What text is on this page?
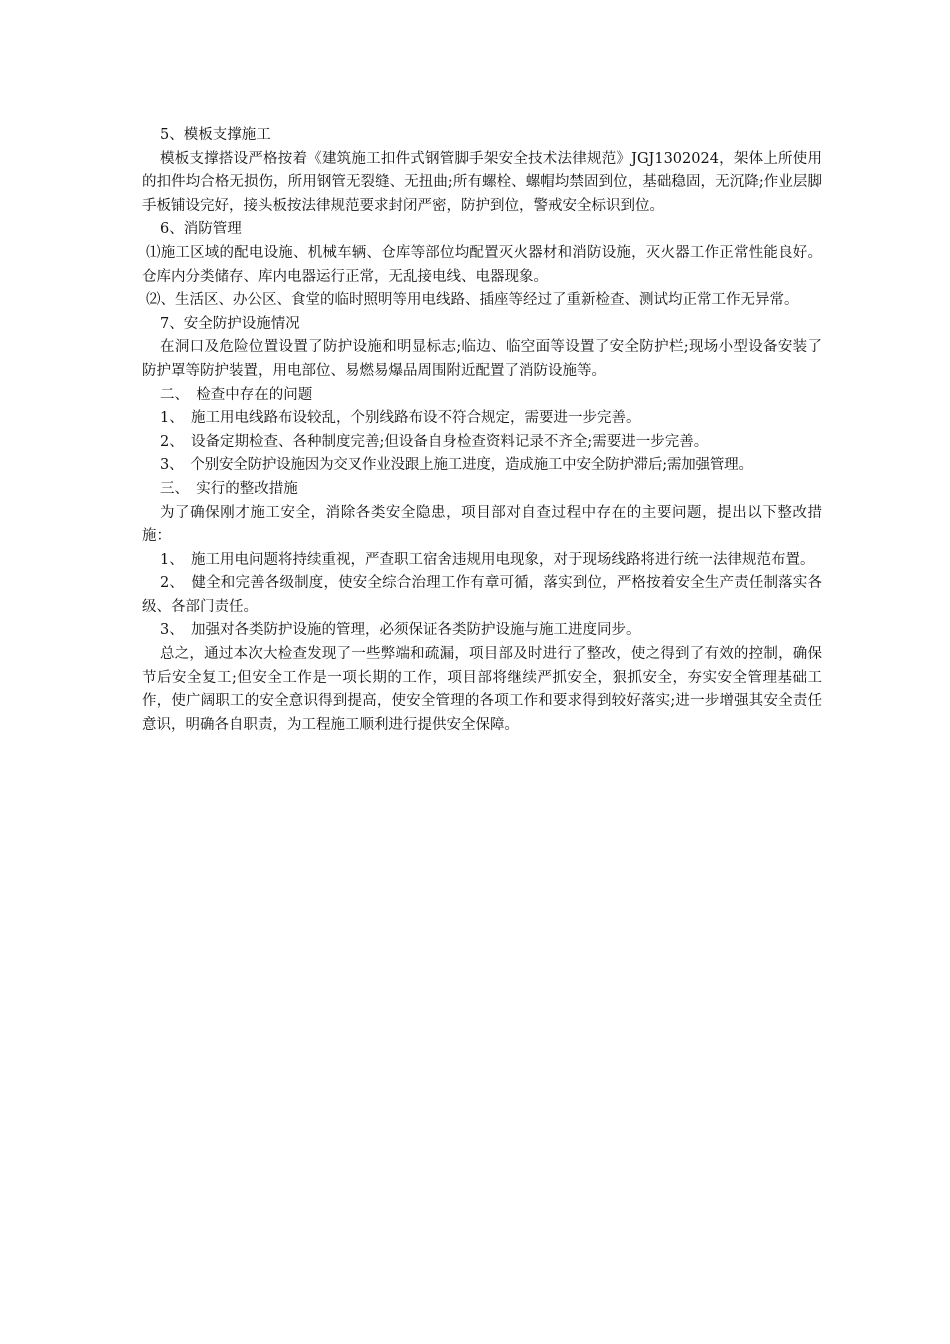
5、模板支撑施工

模板支撑搭设严格按着《建筑施工扣件式钢管脚手架安全技术法律规范》JGJ1302024，架体上所使用的扣件均合格无损伤，所用钢管无裂缝、无扭曲;所有螺栓、螺帽均禁固到位，基础稳固，无沉降;作业层脚手板铺设完好，接头板按法律规范要求封闭严密，防护到位，警戒安全标识到位。

6、消防管理

⑴施工区域的配电设施、机械车辆、仓库等部位均配置灭火器材和消防设施，灭火器工作正常性能良好。仓库内分类储存、库内电器运行正常，无乱接电线、电器现象。

⑵、生活区、办公区、食堂的临时照明等用电线路、插座等经过了重新检查、测试均正常工作无异常。

7、安全防护设施情况

在洞口及危险位置设置了防护设施和明显标志;临边、临空面等设置了安全防护栏;现场小型设备安装了防护罩等防护装置，用电部位、易燃易爆品周围附近配置了消防设施等。

二、　检查中存在的问题

1、　施工用电线路布设较乱，个别线路布设不符合规定，需要进一步完善。

2、　设备定期检查、各种制度完善;但设备自身检查资料记录不齐全;需要进一步完善。

3、　个别安全防护设施因为交叉作业没跟上施工进度，造成施工中安全防护滞后;需加强管理。

三、　实行的整改措施

为了确保刚才施工安全，消除各类安全隐患，项目部对自查过程中存在的主要问题，提出以下整改措施：

1、　施工用电问题将持续重视，严查职工宿舍违规用电现象，对于现场线路将进行统一法律规范布置。

2、　健全和完善各级制度，使安全综合治理工作有章可循，落实到位，严格按着安全生产责任制落实各级、各部门责任。

3、　加强对各类防护设施的管理，必须保证各类防护设施与施工进度同步。

总之，通过本次大检查发现了一些弊端和疏漏，项目部及时进行了整改，使之得到了有效的控制，确保节后安全复工;但安全工作是一项长期的工作，项目部将继续严抓安全，狠抓安全，夯实安全管理基础工作，使广阔职工的安全意识得到提高，使安全管理的各项工作和要求得到较好落实;进一步增强其安全责任意识，明确各自职责，为工程施工顺利进行提供安全保障。
